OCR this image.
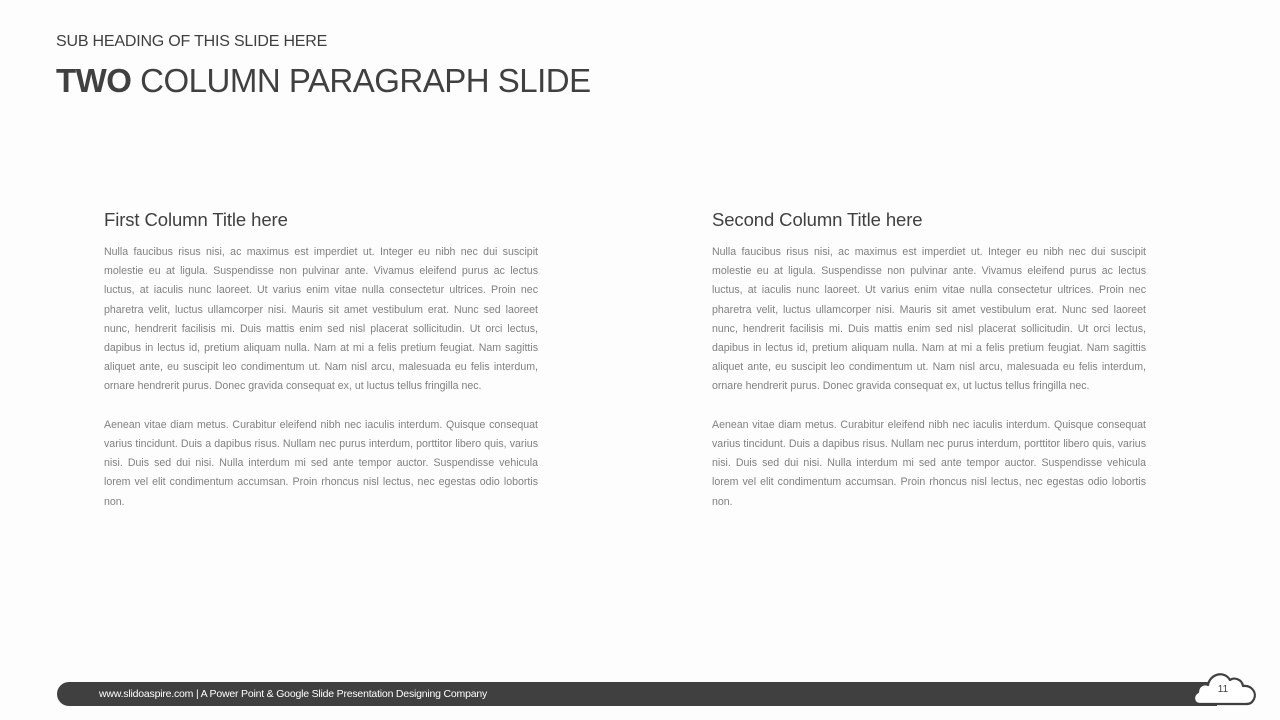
SUB HEADING OF THIS SLIDE HERE
TWO COLUMN PARAGRAPH SLIDE
First Column Title here

Nulla faucibus risus nisi, ac maximus est imperdiet ut. Integer eu nibh nec dui suscipit molestie eu at ligula. Suspendisse non pulvinar ante. Vivamus eleifend purus ac lectus luctus, at iaculis nunc laoreet. Ut varius enim vitae nulla consectetur ultrices. Proin nec pharetra velit, luctus ullamcorper nisi. Mauris sit amet vestibulum erat. Nunc sed laoreet nunc, hendrerit facilisis mi. Duis mattis enim sed nisl placerat sollicitudin. Ut orci lectus, dapibus in lectus id, pretium aliquam nulla. Nam at mi a felis pretium feugiat. Nam sagittis aliquet ante, eu suscipit leo condimentum ut. Nam nisl arcu, malesuada eu felis interdum, ornare hendrerit purus. Donec gravida consequat ex, ut luctus tellus fringilla nec.

Aenean vitae diam metus. Curabitur eleifend nibh nec iaculis interdum. Quisque consequat varius tincidunt. Duis a dapibus risus. Nullam nec purus interdum, porttitor libero quis, varius nisi. Duis sed dui nisi. Nulla interdum mi sed ante tempor auctor. Suspendisse vehicula lorem vel elit condimentum accumsan. Proin rhoncus nisl lectus, nec egestas odio lobortis non.

Second Column Title here

Nulla faucibus risus nisi, ac maximus est imperdiet ut. Integer eu nibh nec dui suscipit molestie eu at ligula. Suspendisse non pulvinar ante. Vivamus eleifend purus ac lectus luctus, at iaculis nunc laoreet. Ut varius enim vitae nulla consectetur ultrices. Proin nec pharetra velit, luctus ullamcorper nisi. Mauris sit amet vestibulum erat. Nunc sed laoreet nunc, hendrerit facilisis mi. Duis mattis enim sed nisl placerat sollicitudin. Ut orci lectus, dapibus in lectus id, pretium aliquam nulla. Nam at mi a felis pretium feugiat. Nam sagittis aliquet ante, eu suscipit leo condimentum ut. Nam nisl arcu, malesuada eu felis interdum, ornare hendrerit purus. Donec gravida consequat ex, ut luctus tellus fringilla nec.

Aenean vitae diam metus. Curabitur eleifend nibh nec iaculis interdum. Quisque consequat varius tincidunt. Duis a dapibus risus. Nullam nec purus interdum, porttitor libero quis, varius nisi. Duis sed dui nisi. Nulla interdum mi sed ante tempor auctor. Suspendisse vehicula lorem vel elit condimentum accumsan. Proin rhoncus nisl lectus, nec egestas odio lobortis non.

www.slidoaspire.com | A Power Point & Google Slide Presentation Designing Company	11
